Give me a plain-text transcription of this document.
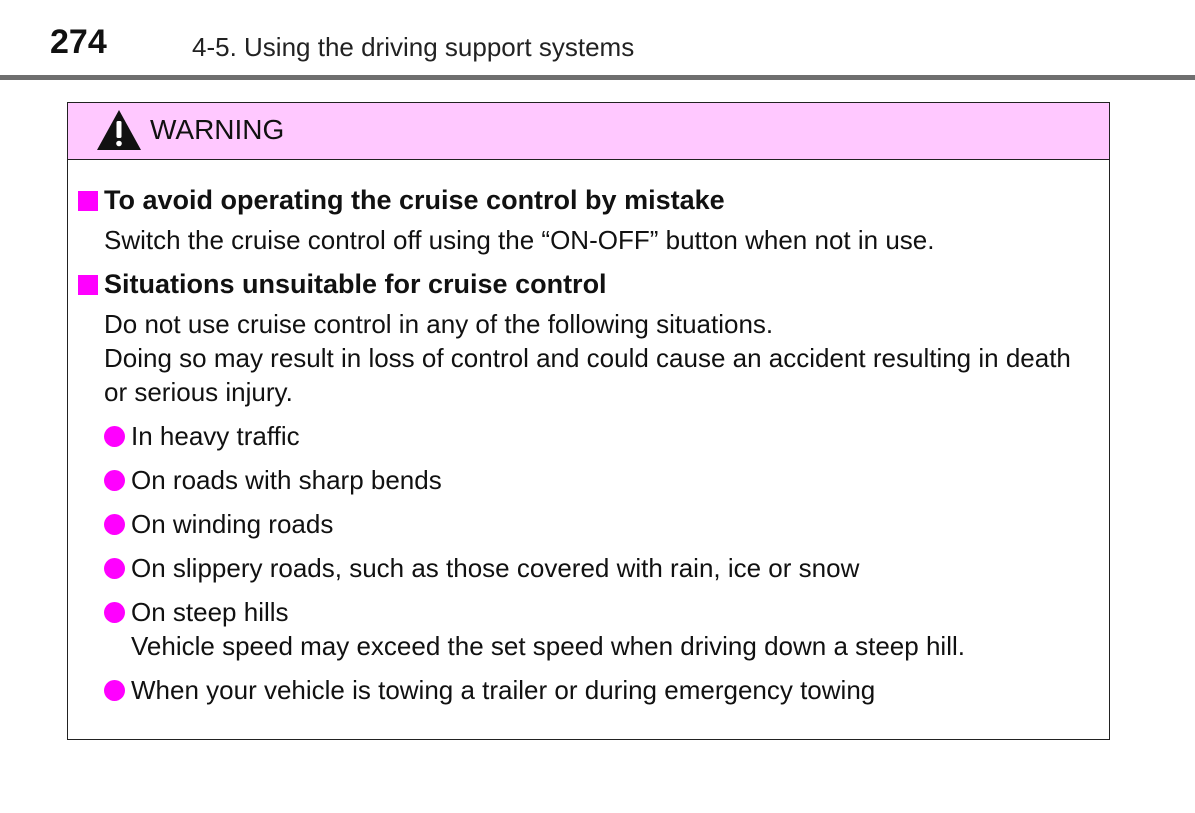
274	4-5. Using the driving support systems
WARNING
To avoid operating the cruise control by mistake
Switch the cruise control off using the “ON-OFF” button when not in use.
Situations unsuitable for cruise control
Do not use cruise control in any of the following situations.
Doing so may result in loss of control and could cause an accident resulting in death or serious injury.
In heavy traffic
On roads with sharp bends
On winding roads
On slippery roads, such as those covered with rain, ice or snow
On steep hills
Vehicle speed may exceed the set speed when driving down a steep hill.
When your vehicle is towing a trailer or during emergency towing
